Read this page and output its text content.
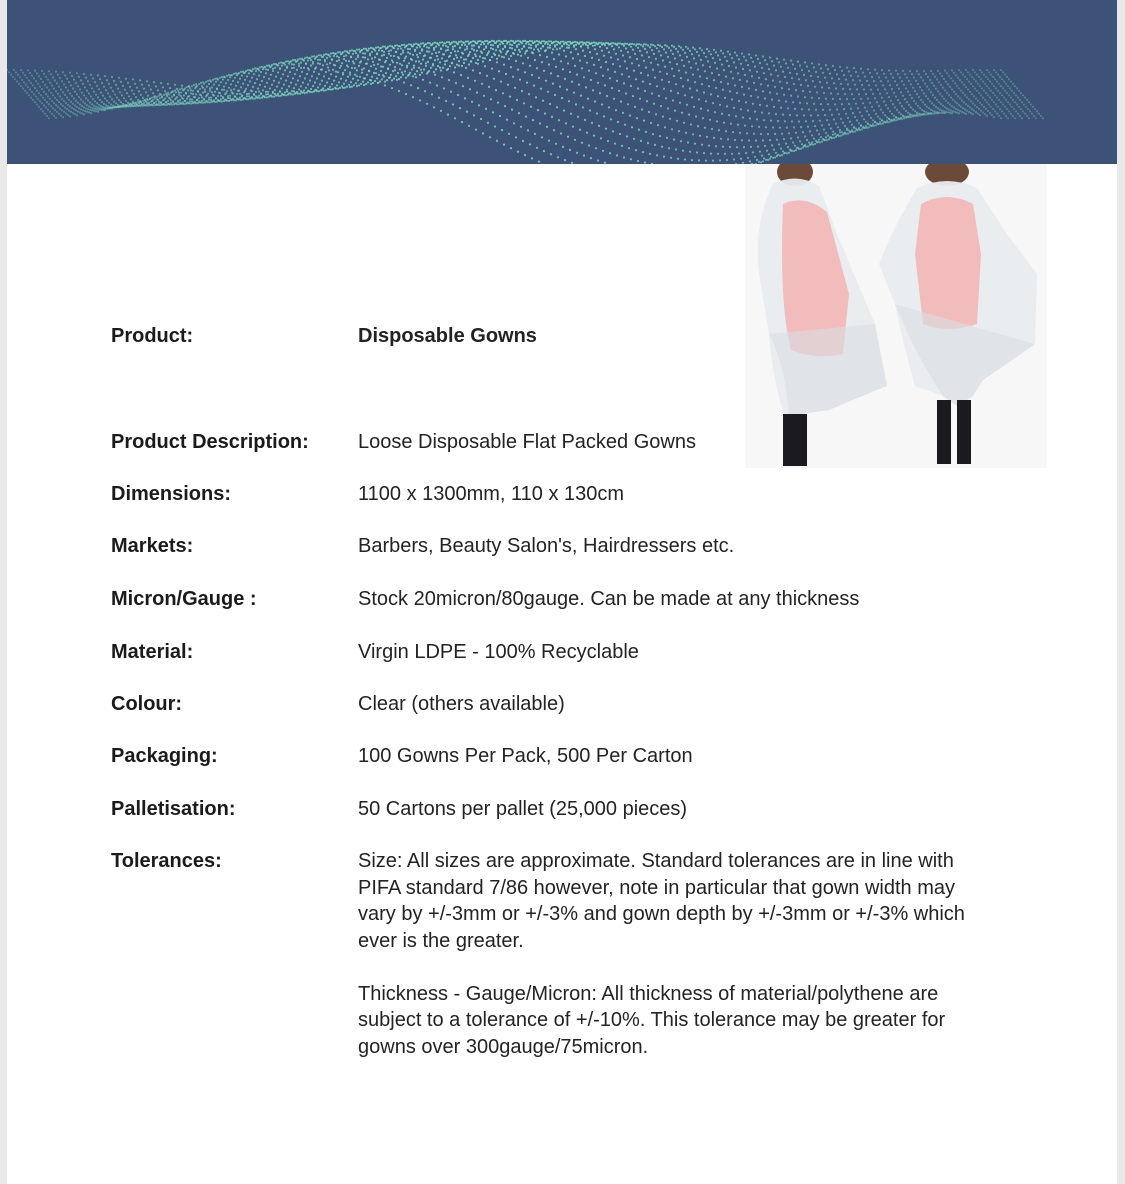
Product:	Disposable Gowns
Product Description:	Loose Disposable Flat Packed Gowns
Dimensions:	1100 x 1300mm, 110 x 130cm
Markets:	Barbers, Beauty Salon's, Hairdressers etc.
Micron/Gauge :	Stock 20micron/80gauge. Can be made at any thickness
Material:	Virgin LDPE - 100% Recyclable
Colour:	Clear (others available)
Packaging:	100 Gowns Per Pack, 500 Per Carton
Palletisation:	50 Cartons per pallet (25,000 pieces)
Tolerances:	Size: All sizes are approximate. Standard tolerances are in line with PIFA standard 7/86 however, note in particular that gown width may vary by +/-3mm or +/-3% and gown depth by +/-3mm or +/-3% which ever is the greater.
Thickness - Gauge/Micron: All thickness of material/polythene are subject to a tolerance of +/-10%. This tolerance may be greater for gowns over 300gauge/75micron.
